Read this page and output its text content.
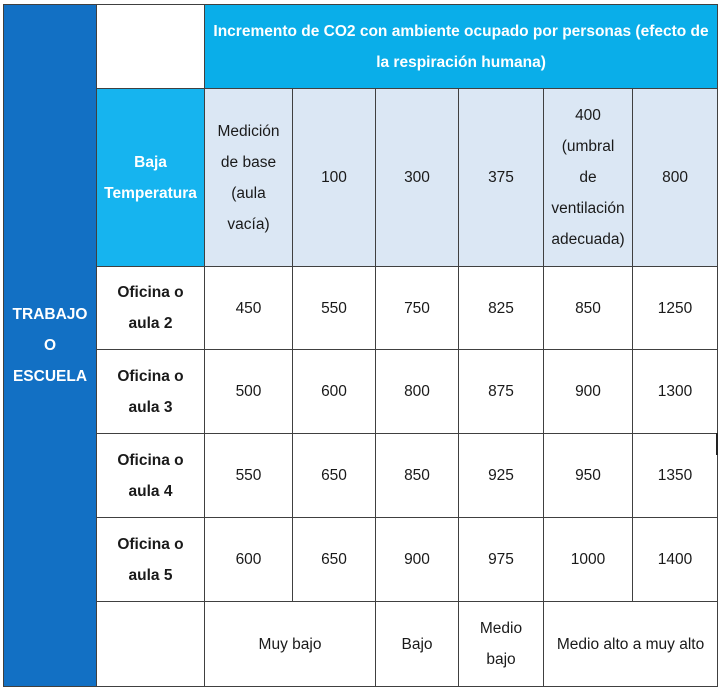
TRABAJO
O
ESCUELA		Incremento de CO2 con ambiente ocupado por personas (efecto de la respiración humana)					
	Baja
Temperatura	Medición
de base
(aula
vacía)	100	300	375	400
(umbral
de
ventilación
adecuada)	800
	Oficina o
aula 2	450	550	750	825	850	1250
	Oficina o
aula 3	500	600	800	875	900	1300
	Oficina o
aula 4	550	650	850	925	950	1350
	Oficina o
aula 5	600	650	900	975	1000	1400
		Muy bajo		Bajo	Medio
bajo	Medio alto a muy alto	
